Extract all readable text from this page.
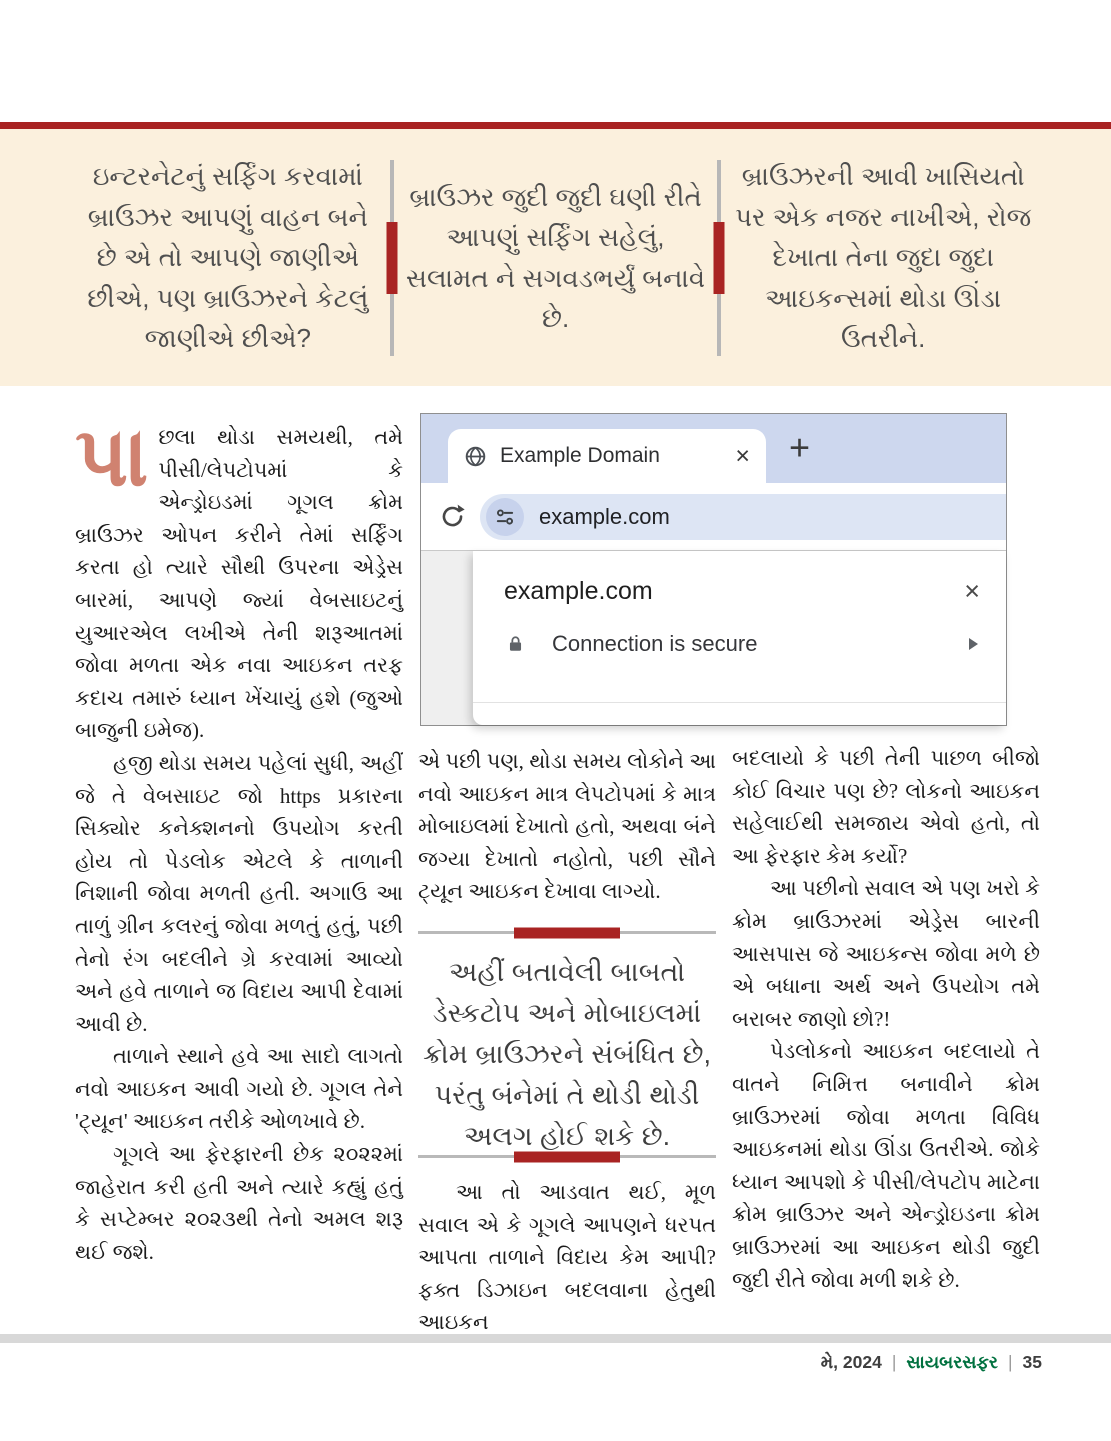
ઇન્ટરનેટનું સર્ફિંગ કરવામાં બ્રાઉઝર આપણું વાહન બને છે એ તો આપણે જાણીએ છીએ, પણ બ્રાઉઝરને કેટલું જાણીએ છીએ?
બ્રાઉઝર જુદી જુદી ઘણી રીતે આપણું સર્ફિંગ સહેલું, સલામત ને સગવડભર્યું બનાવે છે.
બ્રાઉઝરની આવી ખાસિયતો પર એક નજર નાખીએ, રોજ દેખાતા તેના જુદા જુદા આઇકન્સમાં થોડા ઊંડા ઉતરીને.

પાછલા થોડા સમયથી, તમે પીસી/લેપટોપમાં કે એન્ડ્રોઇડમાં ગૂગલ ક્રોમ બ્રાઉઝર ઓપન કરીને તેમાં સર્ફિંગ કરતા હો ત્યારે સૌથી ઉપરના એડ્રેસ બારમાં, આપણે જ્યાં વેબસાઇટનું યુઆરએલ લખીએ તેની શરૂઆતમાં જોવા મળતા એક નવા આઇકન તરફ કદાચ તમારું ધ્યાન ખેંચાયું હશે (જુઓ બાજુની ઇમેજ).

હજી થોડા સમય પહેલાં સુધી, અહીં જે તે વેબસાઇટ જો https પ્રકારના સિક્યોર કનેક્શનનો ઉપયોગ કરતી હોય તો પેડલોક એટલે કે તાળાની નિશાની જોવા મળતી હતી. અગાઉ આ તાળું ગ્રીન કલરનું જોવા મળતું હતું, પછી તેનો રંગ બદલીને ગ્રે કરવામાં આવ્યો અને હવે તાળાને જ વિદાય આપી દેવામાં આવી છે.

તાળાને સ્થાને હવે આ સાદો લાગતો નવો આઇકન આવી ગયો છે. ગૂગલ તેને 'ટ્યૂન' આઇકન તરીકે ઓળખાવે છે.

ગૂગલે આ ફેરફારની છેક ૨૦૨૨માં જાહેરાત કરી હતી અને ત્યારે કહ્યું હતું કે સપ્ટેમ્બર ૨૦૨૩થી તેનો અમલ શરૂ થઈ જશે.

Example Domain	× +
example.com
example.com	×
Connection is secure

એ પછી પણ, થોડા સમય લોકોને આ નવો આઇકન માત્ર લેપટોપમાં કે માત્ર મોબાઇલમાં દેખાતો હતો, અથવા બંને જગ્યા દેખાતો નહોતો, પછી સૌને ટ્યૂન આઇકન દેખાવા લાગ્યો.

અહીં બતાવેલી બાબતો ડેસ્કટોપ અને મોબાઇલમાં ક્રોમ બ્રાઉઝરને સંબંધિત છે, પરંતુ બંનેમાં તે થોડી થોડી અલગ હોઈ શકે છે.

આ તો આડવાત થઈ, મૂળ સવાલ એ કે ગૂગલે આપણને ધરપત આપતા તાળાને વિદાય કેમ આપી? ફક્ત ડિઝાઇન બદલવાના હેતુથી આઇકન

બદલાયો કે પછી તેની પાછળ બીજો કોઈ વિચાર પણ છે? લોકનો આઇકન સહેલાઈથી સમજાય એવો હતો, તો આ ફેરફાર કેમ કર્યો?

આ પછીનો સવાલ એ પણ ખરો કે ક્રોમ બ્રાઉઝરમાં એડ્રેસ બારની આસપાસ જે આઇકન્સ જોવા મળે છે એ બધાના અર્થ અને ઉપયોગ તમે બરાબર જાણો છો?!

પેડલોકનો આઇકન બદલાયો તે વાતને નિમિત્ત બનાવીને ક્રોમ બ્રાઉઝરમાં જોવા મળતા વિવિધ આઇકનમાં થોડા ઊંડા ઉતરીએ. જોકે ધ્યાન આપશો કે પીસી/લેપટોપ માટેના ક્રોમ બ્રાઉઝર અને એન્ડ્રોઇડના ક્રોમ બ્રાઉઝરમાં આ આઇકન થોડી જુદી જુદી રીતે જોવા મળી શકે છે.

મે, 2024 | સાયબરસફર | 35
